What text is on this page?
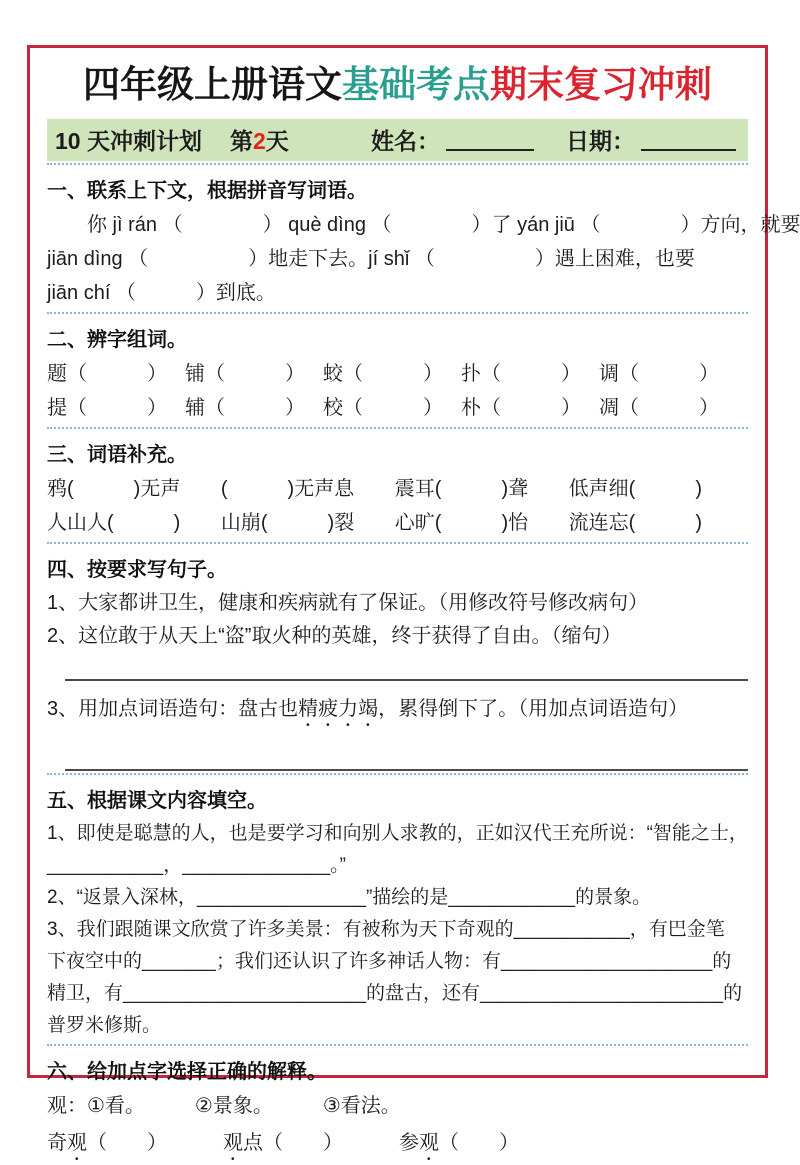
四年级上册语文基础考点期末复习冲刺
10 天冲刺计划 第2天	姓名：	日期：
一、联系上下文，根据拼音写词语。

你 jì rán （　　　　） què dìng （　　　　）了 yán jiū （　　　　）方向，就要

jiān dìng （　　　　　）地走下去。jí shǐ （　　　　　）遇上困难，也要

jiān chí （　　　）到底。

二、辨字组词。
题（　　　） 铺（　　　） 蛟（　　　） 扑（　　　） 调（　　　）
提（　　　） 辅（　　　） 校（　　　） 朴（　　　） 凋（　　　）
三、词语补充。
鸦(　　　)无声 (　　　)无声息 震耳(　　　)聋 低声细(　　　)
人山人(　　　) 山崩(　　　)裂 心旷(　　　)怡 流连忘(　　　)
四、按要求写句子。

1、大家都讲卫生，健康和疾病就有了保证。（用修改符号修改病句）

2、这位敢于从天上“盗”取火种的英雄，终于获得了自由。（缩句）

3、用加点词语造句：盘古也精疲力竭，累得倒下了。（用加点词语造句）

五、根据课文内容填空。

1、即使是聪慧的人，也是要学习和向别人求教的，正如汉代王充所说：“智能之士，

___________，______________。”

2、“返景入深林，________________”描绘的是____________的景象。

3、我们跟随课文欣赏了许多美景：有被称为天下奇观的___________，有巴金笔

下夜空中的_______；我们还认识了许多神话人物：有____________________的

精卫，有_______________________的盘古，还有_______________________的

普罗米修斯。

六、给加点字选择正确的解释。

观：①看。　　　②景象。　　　③看法。

奇观（　　）	观点（　　）	参观（　　）
